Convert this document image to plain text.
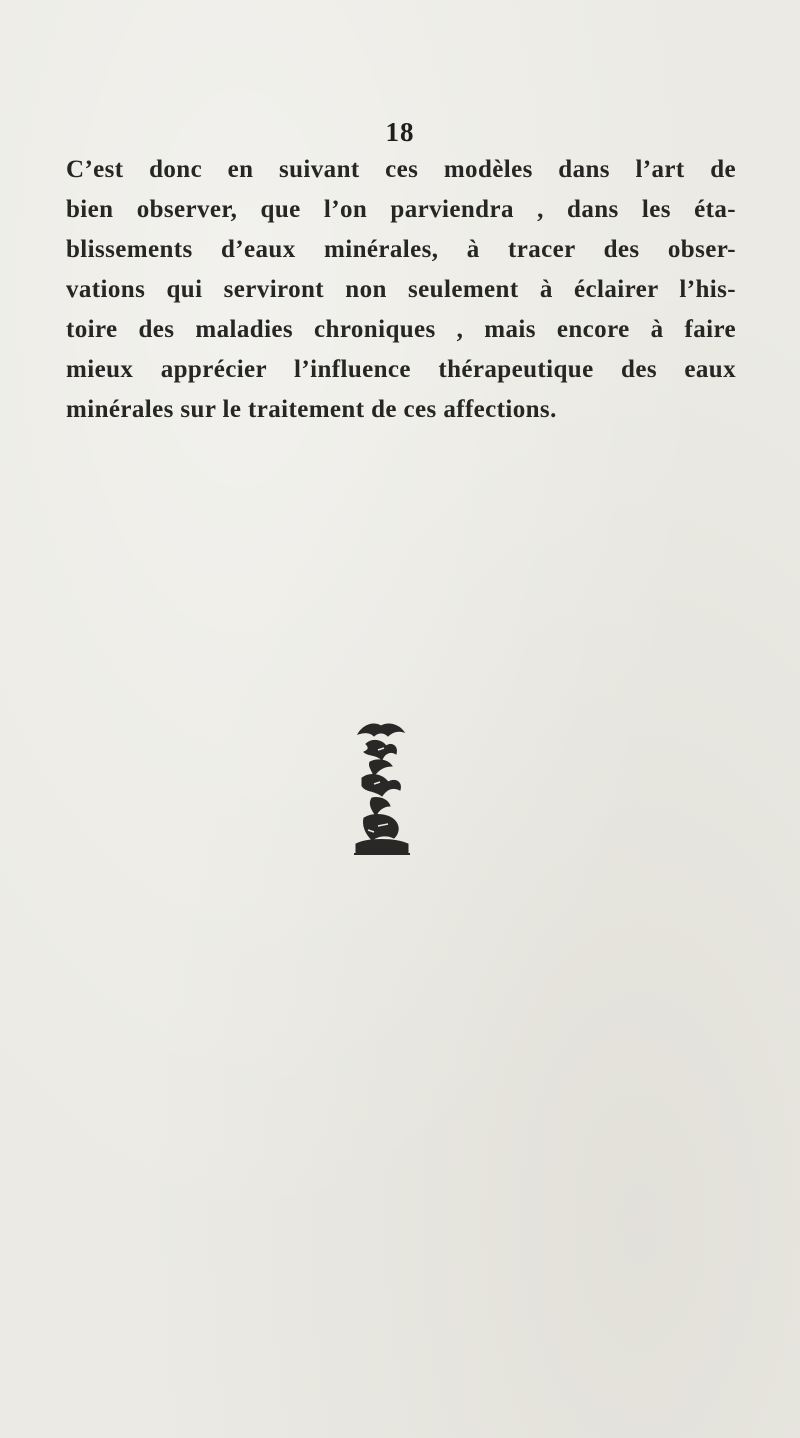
18
C’est donc en suivant ces modèles dans l’art de
bien observer, que l’on parviendra , dans les éta-
blissements d’eaux minérales, à tracer des obser-
vations qui serviront non seulement à éclairer l’his-
toire des maladies chroniques , mais encore à faire
mieux apprécier l’influence thérapeutique des eaux
minérales sur le traitement de ces affections.
